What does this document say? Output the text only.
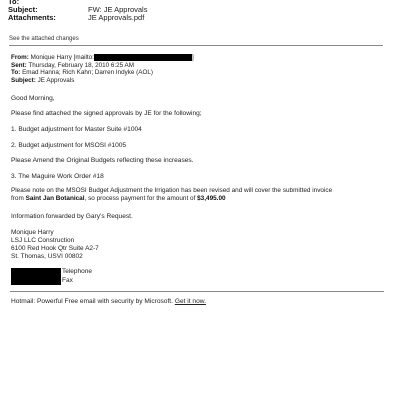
To:
Subject:	FW: JE Approvals
Attachments:	JE Approvals.pdf
See the attached changes
From: Monique Harry [mailto:	]
Sent: Thursday, February 18, 2010 6:25 AM
To: Emad Hanna; Rich Kahn; Darren Indyke (AOL)
Subject: JE Approvals
Good Morning,
Please find attached the signed approvals by JE for the following;
1. Budget adjustment for Master Suite #1004
2. Budget adjustment for MSOSI #1005
Please Amend the Original Budgets reflecting these increases.
3. The Maguire Work Order #18
Please note on the MSOSI Budget Adjustment the Irrigation has been revised and will cover the submitted invoice
from Saint Jan Botanical, so process payment for the amount of $3,495.00
Information forwarded by Gary's Request.
Monique Harry
LSJ LLC Construction
6100 Red Hook Qtr Suite A2-7
St. Thomas, USVI 00802
Telephone
Fax
Hotmail: Powerful Free email with security by Microsoft. Get it now.
